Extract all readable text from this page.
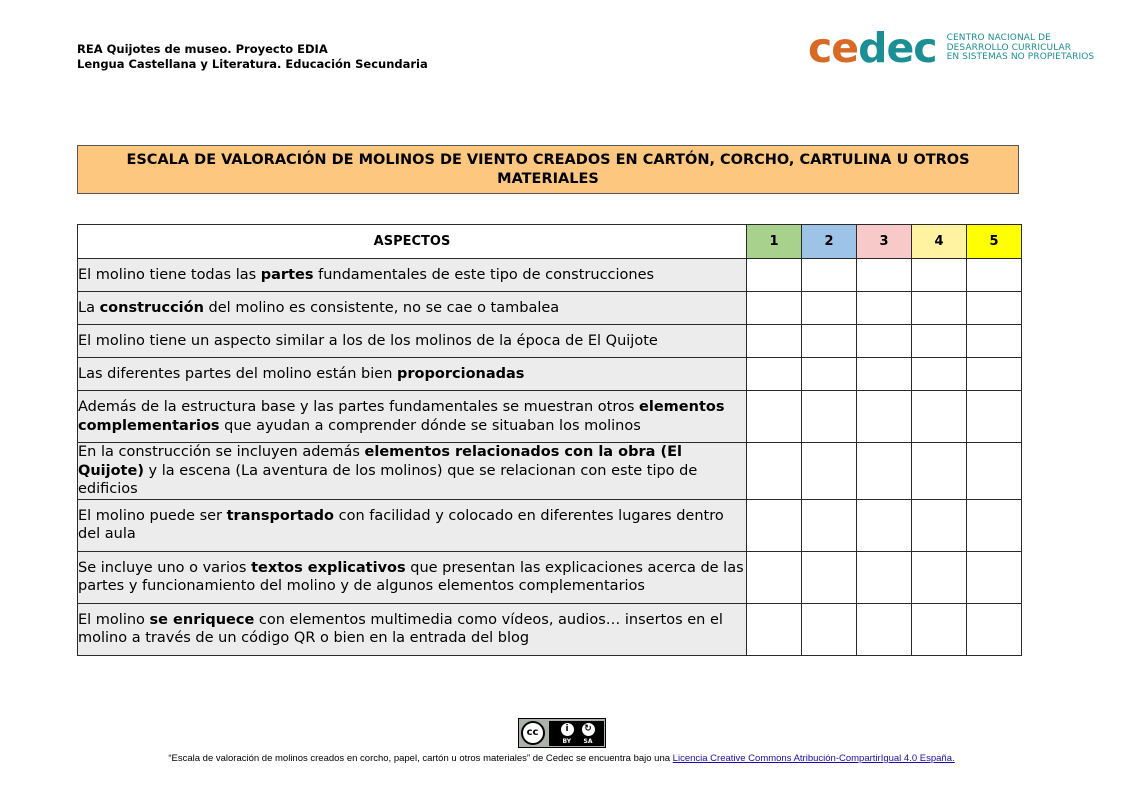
REA Quijotes de museo. Proyecto EDIA
Lengua Castellana y Literatura. Educación Secundaria	cedec CENTRO NACIONAL DE
DESARROLLO CURRICULAR
EN SISTEMAS NO PROPIETARIOS
ESCALA DE VALORACIÓN DE MOLINOS DE VIENTO CREADOS EN CARTÓN, CORCHO, CARTULINA U OTROS
MATERIALES
ASPECTOS	1	2	3	4	5
El molino tiene todas las partes fundamentales de este tipo de construcciones					
La construcción del molino es consistente, no se cae o tambalea					
El molino tiene un aspecto similar a los de los molinos de la época de El Quijote					
Las diferentes partes del molino están bien proporcionadas					
Además de la estructura base y las partes fundamentales se muestran otros elementos complementarios que ayudan a comprender dónde se situaban los molinos					
En la construcción se incluyen además elementos relacionados con la obra (El Quijote) y la escena (La aventura de los molinos) que se relacionan con este tipo de edificios					
El molino puede ser transportado con facilidad y colocado en diferentes lugares dentro del aula					
Se incluye uno o varios textos explicativos que presentan las explicaciones acerca de las partes y funcionamiento del molino y de algunos elementos complementarios					
El molino se enriquece con elementos multimedia como vídeos, audios… insertos en el molino a través de un código QR o bien en la entrada del blog					
cc	i	↻
BY SA
“Escala de valoración de molinos creados en corcho, papel, cartón u otros materiales” de Cedec se encuentra bajo una Licencia Creative Commons Atribución-CompartirIgual 4.0 España.
